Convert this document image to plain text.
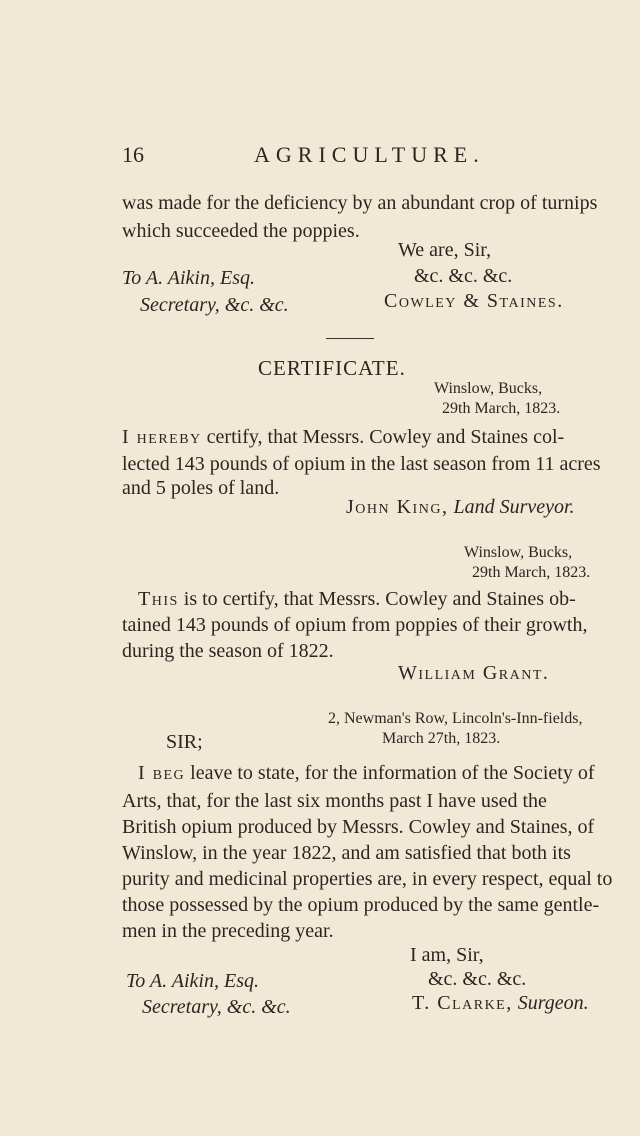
16	AGRICULTURE.
was made for the deficiency by an abundant crop of turnips
which succeeded the poppies.
We are, Sir,
&c. &c. &c.
To A. Aikin, Esq.
Cowley & Staines.
Secretary, &c. &c.
CERTIFICATE.
Winslow, Bucks,
29th March, 1823.
I hereby certify, that Messrs. Cowley and Staines col-
lected 143 pounds of opium in the last season from 11 acres
and 5 poles of land.
John King, Land Surveyor.
Winslow, Bucks,
29th March, 1823.
This is to certify, that Messrs. Cowley and Staines ob-
tained 143 pounds of opium from poppies of their growth,
during the season of 1822.
William Grant.
2, Newman's Row, Lincoln's-Inn-fields,
March 27th, 1823.
SIR;
I beg leave to state, for the information of the Society of
Arts, that, for the last six months past I have used the
British opium produced by Messrs. Cowley and Staines, of
Winslow, in the year 1822, and am satisfied that both its
purity and medicinal properties are, in every respect, equal to
those possessed by the opium produced by the same gentle-
men in the preceding year.
I am, Sir,
&c. &c. &c.
To A. Aikin, Esq.
T. Clarke, Surgeon.
Secretary, &c. &c.
